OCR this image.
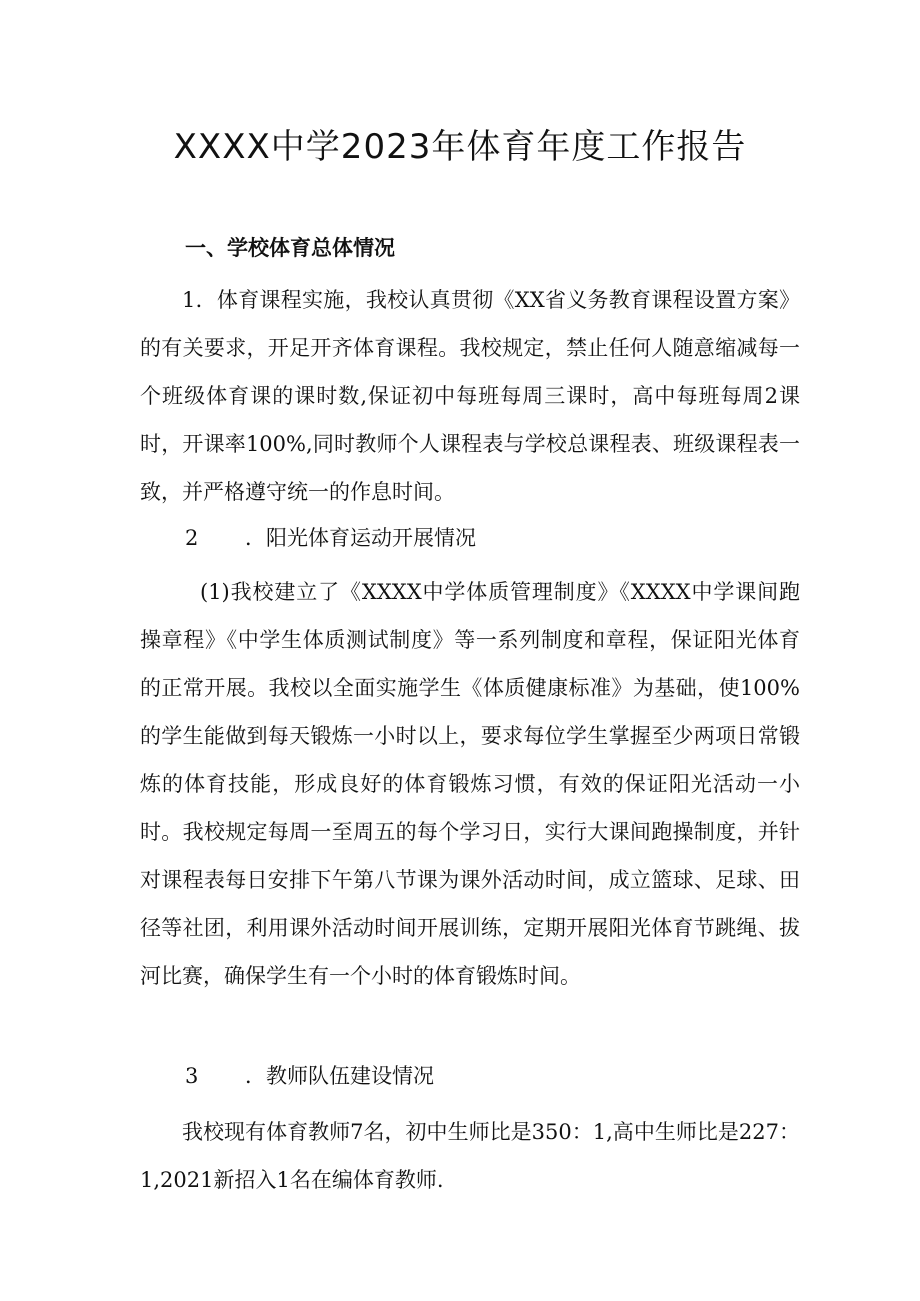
XXXX中学2023年体育年度工作报告
一、学校体育总体情况

1．体育课程实施，我校认真贯彻《XX省义务教育课程设置方案》的有关要求，开足开齐体育课程。我校规定，禁止任何人随意缩减每一个班级体育课的课时数,保证初中每班每周三课时，高中每班每周2课时，开课率100%,同时教师个人课程表与学校总课程表、班级课程表一致，并严格遵守统一的作息时间。

2 ．阳光体育运动开展情况

(1)我校建立了《XXXX中学体质管理制度》《XXXX中学课间跑操章程》《中学生体质测试制度》等一系列制度和章程，保证阳光体育的正常开展。我校以全面实施学生《体质健康标准》为基础，使100%的学生能做到每天锻炼一小时以上，要求每位学生掌握至少两项日常锻炼的体育技能，形成良好的体育锻炼习惯，有效的保证阳光活动一小时。我校规定每周一至周五的每个学习日，实行大课间跑操制度，并针对课程表每日安排下午第八节课为课外活动时间，成立篮球、足球、田径等社团，利用课外活动时间开展训练，定期开展阳光体育节跳绳、拔河比赛，确保学生有一个小时的体育锻炼时间。

3 ．教师队伍建设情况

我校现有体育教师7名，初中生师比是350：1,高中生师比是227：1,2021新招入1名在编体育教师.
